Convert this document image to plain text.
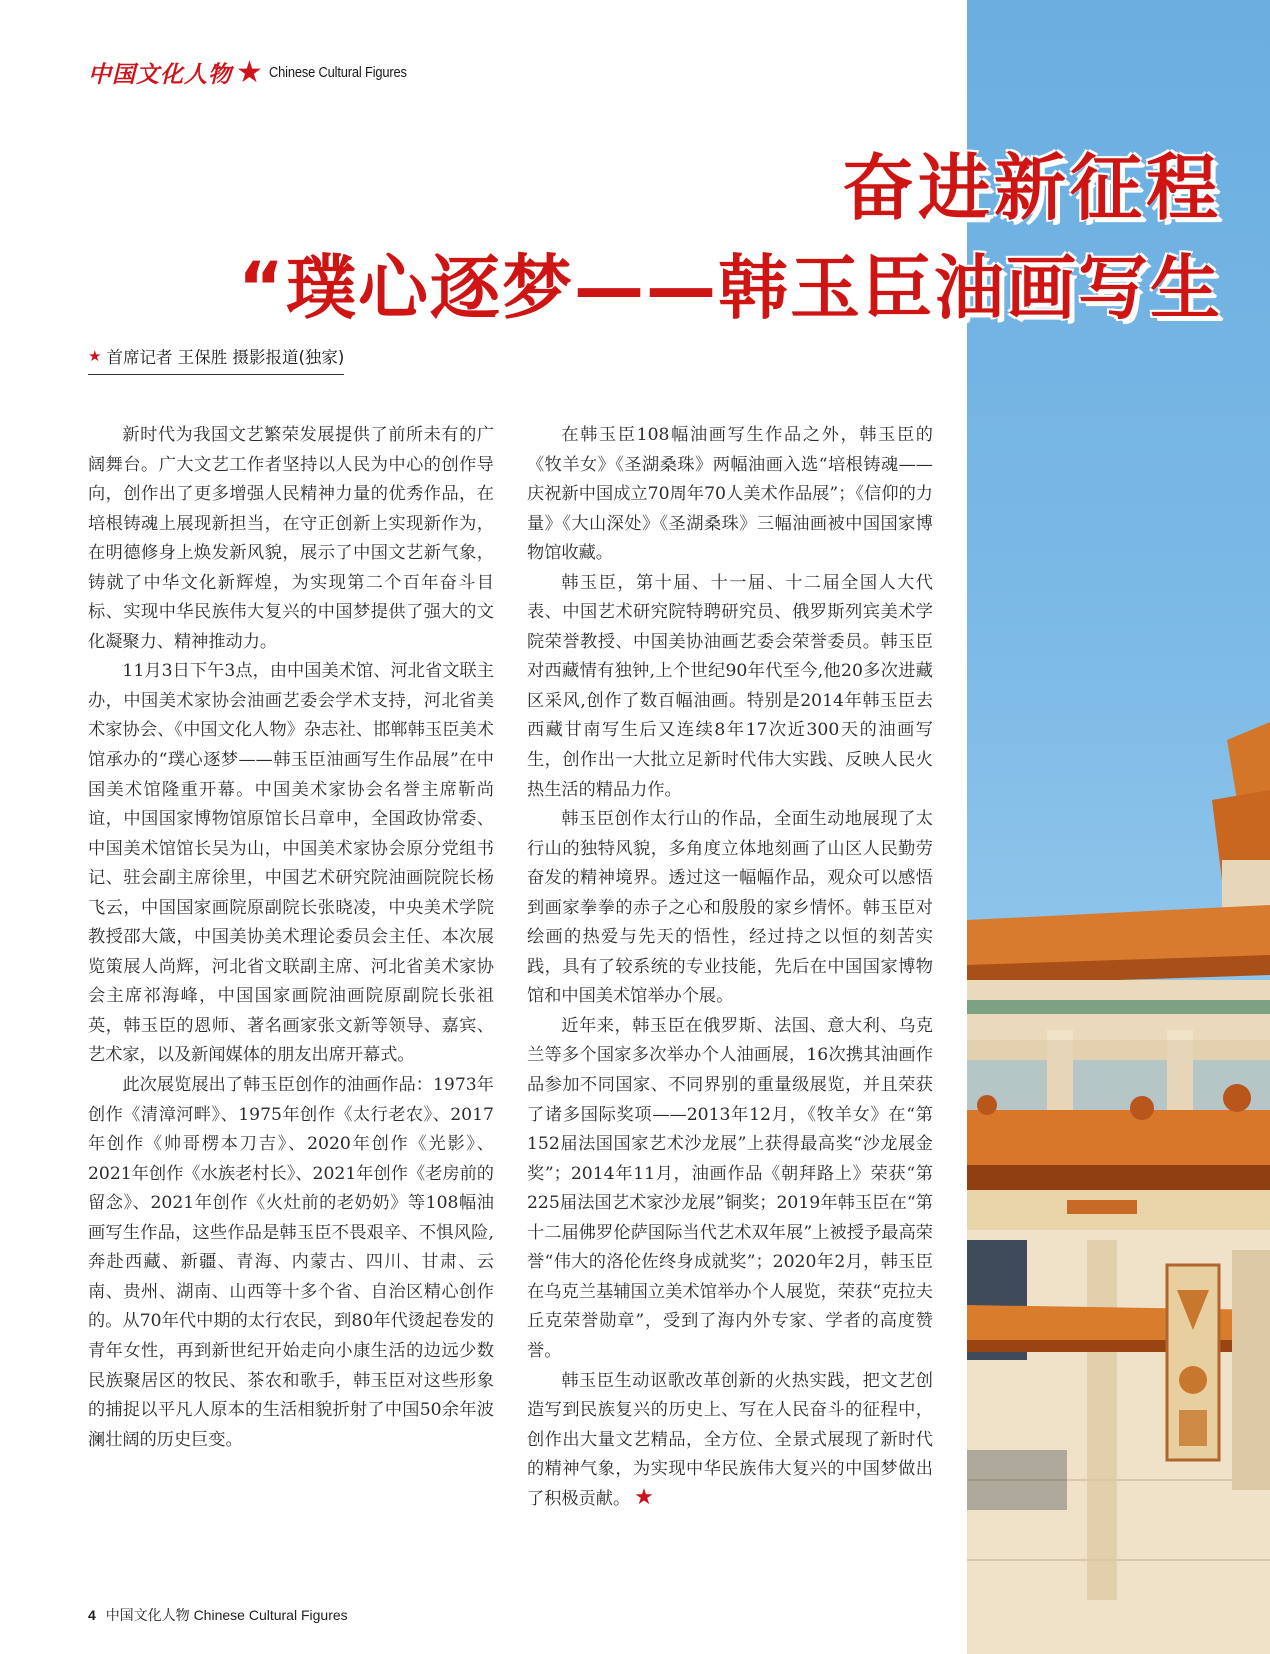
中国文化人物 ★ Chinese Cultural Figures
奋进新征程
“璞心逐梦——韩玉臣油画写生
★ 首席记者 王保胜 摄影报道(独家)

新时代为我国文艺繁荣发展提供了前所未有的广阔舞台。广大文艺工作者坚持以人民为中心的创作导向，创作出了更多增强人民精神力量的优秀作品，在培根铸魂上展现新担当，在守正创新上实现新作为，在明德修身上焕发新风貌，展示了中国文艺新气象，铸就了中华文化新辉煌，为实现第二个百年奋斗目标、实现中华民族伟大复兴的中国梦提供了强大的文化凝聚力、精神推动力。

11月3日下午3点，由中国美术馆、河北省文联主办，中国美术家协会油画艺委会学术支持，河北省美术家协会、《中国文化人物》杂志社、邯郸韩玉臣美术馆承办的“璞心逐梦——韩玉臣油画写生作品展”在中国美术馆隆重开幕。中国美术家协会名誉主席靳尚谊，中国国家博物馆原馆长吕章申，全国政协常委、中国美术馆馆长吴为山，中国美术家协会原分党组书记、驻会副主席徐里，中国艺术研究院油画院院长杨飞云，中国国家画院原副院长张晓凌，中央美术学院教授邵大箴，中国美协美术理论委员会主任、本次展览策展人尚辉，河北省文联副主席、河北省美术家协会主席祁海峰，中国国家画院油画院原副院长张祖英，韩玉臣的恩师、著名画家张文新等领导、嘉宾、艺术家，以及新闻媒体的朋友出席开幕式。

此次展览展出了韩玉臣创作的油画作品：1973年创作《清漳河畔》、1975年创作《太行老农》、2017年创作《帅哥楞本刀吉》、2020年创作《光影》、2021年创作《水族老村长》、2021年创作《老房前的留念》、2021年创作《火灶前的老奶奶》等108幅油画写生作品，这些作品是韩玉臣不畏艰辛、不惧风险,奔赴西藏、新疆、青海、内蒙古、四川、甘肃、云南、贵州、湖南、山西等十多个省、自治区精心创作的。从70年代中期的太行农民，到80年代烫起卷发的青年女性，再到新世纪开始走向小康生活的边远少数民族聚居区的牧民、茶农和歌手，韩玉臣对这些形象的捕捉以平凡人原本的生活相貌折射了中国50余年波澜壮阔的历史巨变。

在韩玉臣108幅油画写生作品之外，韩玉臣的《牧羊女》《圣湖桑珠》两幅油画入选“培根铸魂——庆祝新中国成立70周年70人美术作品展”；《信仰的力量》《大山深处》《圣湖桑珠》三幅油画被中国国家博物馆收藏。

韩玉臣，第十届、十一届、十二届全国人大代表、中国艺术研究院特聘研究员、俄罗斯列宾美术学院荣誉教授、中国美协油画艺委会荣誉委员。韩玉臣对西藏情有独钟,上个世纪90年代至今,他20多次进藏区采风,创作了数百幅油画。特别是2014年韩玉臣去西藏甘南写生后又连续8年17次近300天的油画写生，创作出一大批立足新时代伟大实践、反映人民火热生活的精品力作。

韩玉臣创作太行山的作品，全面生动地展现了太行山的独特风貌，多角度立体地刻画了山区人民勤劳奋发的精神境界。透过这一幅幅作品，观众可以感悟到画家拳拳的赤子之心和殷殷的家乡情怀。韩玉臣对绘画的热爱与先天的悟性，经过持之以恒的刻苦实践，具有了较系统的专业技能，先后在中国国家博物馆和中国美术馆举办个展。

近年来，韩玉臣在俄罗斯、法国、意大利、乌克兰等多个国家多次举办个人油画展，16次携其油画作品参加不同国家、不同界别的重量级展览，并且荣获了诸多国际奖项——2013年12月，《牧羊女》在“第152届法国国家艺术沙龙展”上获得最高奖“沙龙展金奖”；2014年11月，油画作品《朝拜路上》荣获“第225届法国艺术家沙龙展”铜奖；2019年韩玉臣在“第十二届佛罗伦萨国际当代艺术双年展”上被授予最高荣誉“伟大的洛伦佐终身成就奖”；2020年2月，韩玉臣在乌克兰基辅国立美术馆举办个人展览，荣获“克拉夫丘克荣誉勋章”，受到了海内外专家、学者的高度赞誉。

韩玉臣生动讴歌改革创新的火热实践，把文艺创造写到民族复兴的历史上、写在人民奋斗的征程中，创作出大量文艺精品，全方位、全景式展现了新时代的精神气象，为实现中华民族伟大复兴的中国梦做出了积极贡献。 ★

4 中国文化人物 Chinese Cultural Figures
